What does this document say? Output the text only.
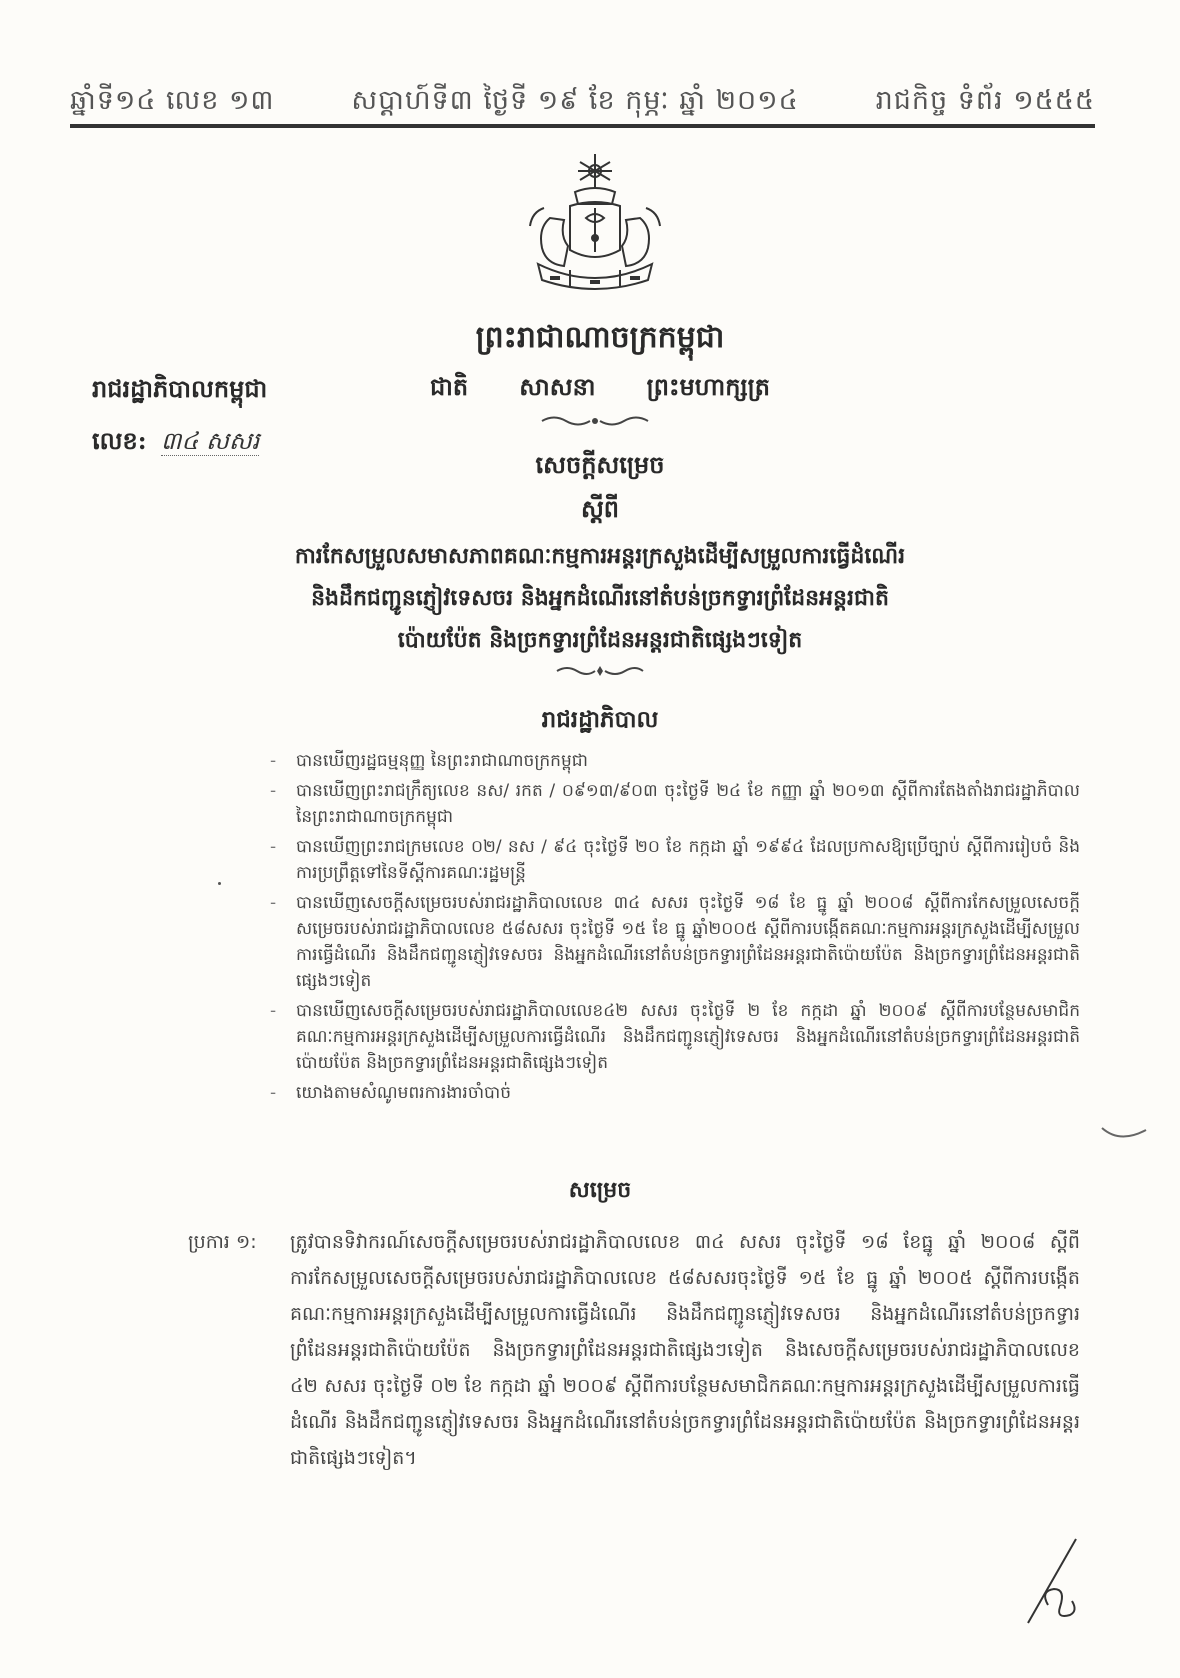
ឆ្នាំទី១៤ លេខ ១៣	សប្តាហ៍ទី៣ ថ្ងៃទី ១៩ ខែ កុម្ភៈ ឆ្នាំ ២០១៤	រាជកិច្ច ទំព័រ ១៥៥៥
ព្រះរាជាណាចក្រកម្ពុជា
ជាតិ សាសនា ព្រះមហាក្សត្រ
រាជរដ្ឋាភិបាលកម្ពុជា
លេខ: ៣៤ សសរ
សេចក្តីសម្រេច
ស្តីពី
ការកែសម្រួលសមាសភាពគណៈកម្មការអន្តរក្រសួងដើម្បីសម្រួលការធ្វើដំណើរ
និងដឹកជញ្ជូនភ្ញៀវទេសចរ និងអ្នកដំណើរនៅតំបន់ច្រកទ្វារព្រំដែនអន្តរជាតិ
ប៉ោយប៉ែត និងច្រកទ្វារព្រំដែនអន្តរជាតិផ្សេងៗទៀត
រាជរដ្ឋាភិបាល
- បានឃើញរដ្ឋធម្មនុញ្ញ នៃព្រះរាជាណាចក្រកម្ពុជា
- បានឃើញព្រះរាជក្រឹត្យលេខ នស/ រកត / ០៩១៣/៩០៣ ចុះថ្ងៃទី ២៤ ខែ កញ្ញា ឆ្នាំ ២០១៣ ស្តីពីការតែងតាំងរាជរដ្ឋាភិបាលនៃព្រះរាជាណាចក្រកម្ពុជា
- បានឃើញព្រះរាជក្រមលេខ ០២/ នស / ៩៤ ចុះថ្ងៃទី ២០ ខែ កក្កដា ឆ្នាំ ១៩៩៤ ដែលប្រកាសឱ្យប្រើច្បាប់ ស្តីពីការរៀបចំ និងការប្រព្រឹត្តទៅនៃទីស្តីការគណៈរដ្ឋមន្ត្រី
- បានឃើញសេចក្តីសម្រេចរបស់រាជរដ្ឋាភិបាលលេខ ៣៤ សសរ ចុះថ្ងៃទី ១៨ ខែ ធ្នូ ឆ្នាំ ២០០៨ ស្តីពីការកែសម្រួលសេចក្តីសម្រេចរបស់រាជរដ្ឋាភិបាលលេខ ៥៨សសរ ចុះថ្ងៃទី ១៥ ខែ ធ្នូ ឆ្នាំ២០០៥ ស្តីពីការបង្កើតគណៈកម្មការអន្តរក្រសួងដើម្បីសម្រួលការធ្វើដំណើរ និងដឹកជញ្ជូនភ្ញៀវទេសចរ និងអ្នកដំណើរនៅតំបន់ច្រកទ្វារព្រំដែនអន្តរជាតិប៉ោយប៉ែត និងច្រកទ្វារព្រំដែនអន្តរជាតិផ្សេងៗទៀត
- បានឃើញសេចក្តីសម្រេចរបស់រាជរដ្ឋាភិបាលលេខ៤២ សសរ ចុះថ្ងៃទី ២ ខែ កក្កដា ឆ្នាំ ២០០៩ ស្តីពីការបន្ថែមសមាជិកគណៈកម្មការអន្តរក្រសួងដើម្បីសម្រួលការធ្វើដំណើរ និងដឹកជញ្ជូនភ្ញៀវទេសចរ និងអ្នកដំណើរនៅតំបន់ច្រកទ្វារព្រំដែនអន្តរជាតិប៉ោយប៉ែត និងច្រកទ្វារព្រំដែនអន្តរជាតិផ្សេងៗទៀត
- យោងតាមសំណូមពរការងារចាំបាច់
សម្រេច
ប្រការ ១:	ត្រូវបានទិវាករណ៍សេចក្តីសម្រេចរបស់រាជរដ្ឋាភិបាលលេខ ៣៤ សសរ ចុះថ្ងៃទី ១៨ ខែធ្នូ ឆ្នាំ ២០០៨ ស្តីពីការកែសម្រួលសេចក្តីសម្រេចរបស់រាជរដ្ឋាភិបាលលេខ ៥៨សសរចុះថ្ងៃទី ១៥ ខែ ធ្នូ ឆ្នាំ ២០០៥ ស្តីពីការបង្កើតគណៈកម្មការអន្តរក្រសួងដើម្បីសម្រួលការធ្វើដំណើរ និងដឹកជញ្ជូនភ្ញៀវទេសចរ និងអ្នកដំណើរនៅតំបន់ច្រកទ្វារព្រំដែនអន្តរជាតិប៉ោយប៉ែត និងច្រកទ្វារព្រំដែនអន្តរជាតិផ្សេងៗទៀត និងសេចក្តីសម្រេចរបស់រាជរដ្ឋាភិបាលលេខ ៤២ សសរ ចុះថ្ងៃទី ០២ ខែ កក្កដា ឆ្នាំ ២០០៩ ស្តីពីការបន្ថែមសមាជិកគណៈកម្មការអន្តរក្រសួងដើម្បីសម្រួលការធ្វើដំណើរ និងដឹកជញ្ជូនភ្ញៀវទេសចរ និងអ្នកដំណើរនៅតំបន់ច្រកទ្វារព្រំដែនអន្តរជាតិប៉ោយប៉ែត និងច្រកទ្វារព្រំដែនអន្តរជាតិផ្សេងៗទៀត។
